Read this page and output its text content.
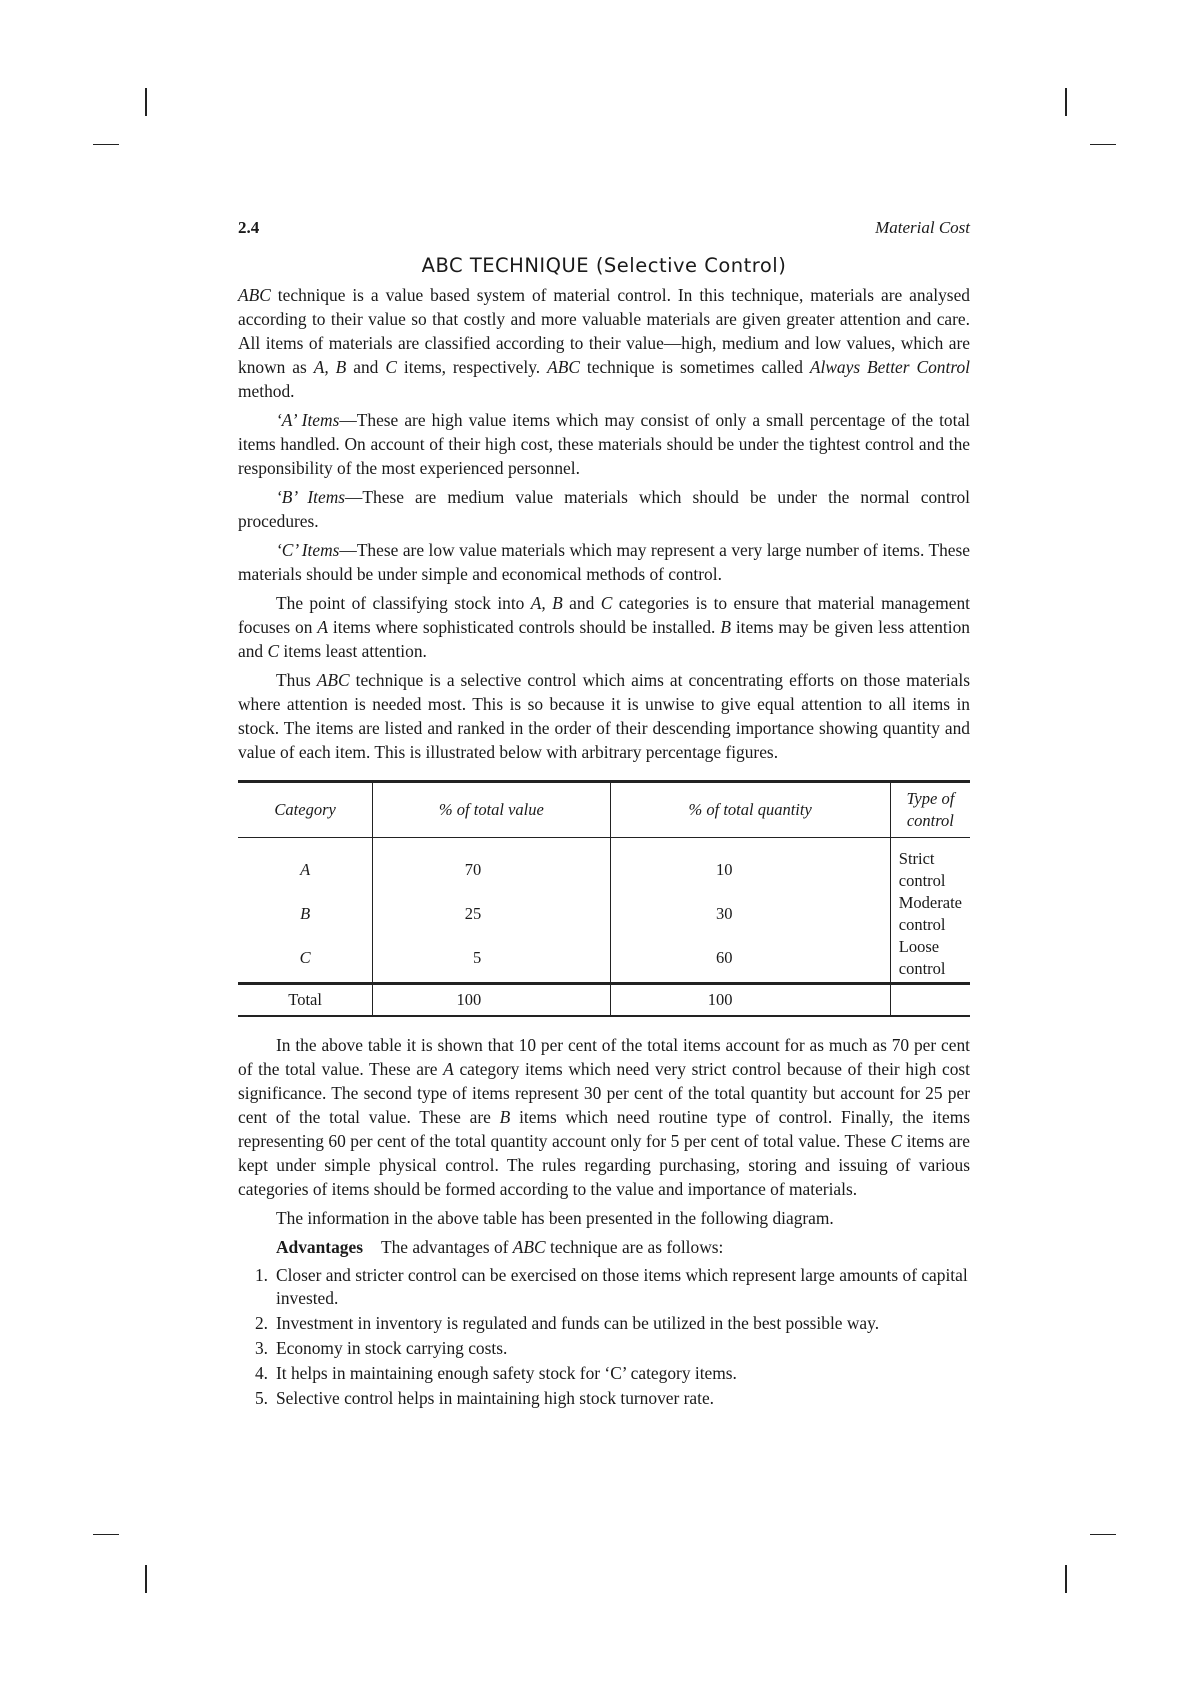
2.4	Material Cost
ABC TECHNIQUE (Selective Control)

ABC technique is a value based system of material control. In this technique, materials are analysed according to their value so that costly and more valuable materials are given greater attention and care. All items of materials are classified according to their value—high, medium and low values, which are known as A, B and C items, respectively. ABC technique is sometimes called Always Better Control method.

‘A’ Items—These are high value items which may consist of only a small percentage of the total items handled. On account of their high cost, these materials should be under the tightest control and the responsibility of the most experienced personnel.

‘B’ Items—These are medium value materials which should be under the normal control procedures.

‘C’ Items—These are low value materials which may represent a very large number of items. These materials should be under simple and economical methods of control.

The point of classifying stock into A, B and C categories is to ensure that material management focuses on A items where sophisticated controls should be installed. B items may be given less attention and C items least attention.

Thus ABC technique is a selective control which aims at concentrating efforts on those materials where attention is needed most. This is so because it is unwise to give equal attention to all items in stock. The items are listed and ranked in the order of their descending importance showing quantity and value of each item. This is illustrated below with arbitrary percentage figures.

Category	% of total value	% of total quantity	Type of control
A	70	10	Strict control
B	25	30	Moderate control
C	5	60	Loose control
Total	100	100	

In the above table it is shown that 10 per cent of the total items account for as much as 70 per cent of the total value. These are A category items which need very strict control because of their high cost significance. The second type of items represent 30 per cent of the total quantity but account for 25 per cent of the total value. These are B items which need routine type of control. Finally, the items representing 60 per cent of the total quantity account only for 5 per cent of total value. These C items are kept under simple physical control. The rules regarding purchasing, storing and issuing of various categories of items should be formed according to the value and importance of materials.

The information in the above table has been presented in the following diagram.

Advantages The advantages of ABC technique are as follows:

1. Closer and stricter control can be exercised on those items which represent large amounts of capital invested.
2. Investment in inventory is regulated and funds can be utilized in the best possible way.
3. Economy in stock carrying costs.
4. It helps in maintaining enough safety stock for ‘C’ category items.
5. Selective control helps in maintaining high stock turnover rate.
